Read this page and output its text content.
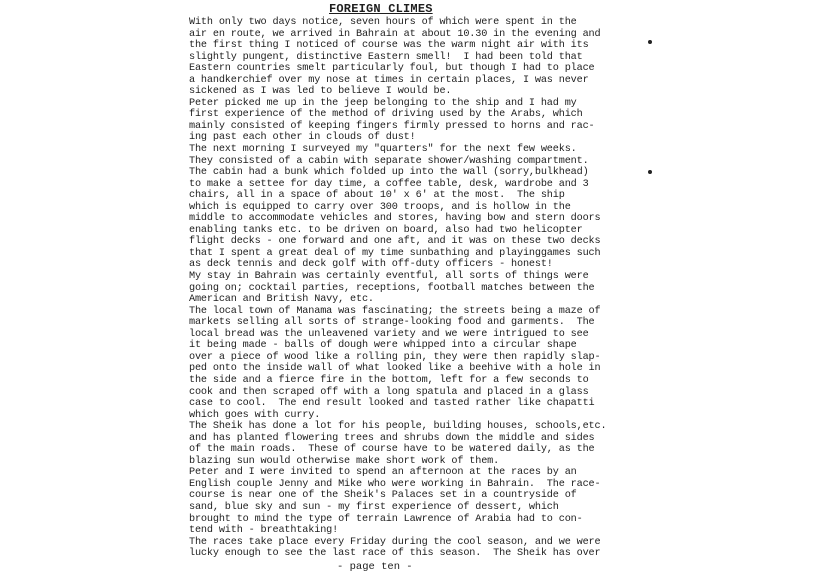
FOREIGN CLIMES
With only two days notice, seven hours of which were spent in the
air en route, we arrived in Bahrain at about 10.30 in the evening and
the first thing I noticed of course was the warm night air with its
slightly pungent, distinctive Eastern smell!  I had been told that
Eastern countries smelt particularly foul, but though I had to place
a handkerchief over my nose at times in certain places, I was never
sickened as I was led to believe I would be.
Peter picked me up in the jeep belonging to the ship and I had my
first experience of the method of driving used by the Arabs, which
mainly consisted of keeping fingers firmly pressed to horns and rac-
ing past each other in clouds of dust!
The next morning I surveyed my "quarters" for the next few weeks.
They consisted of a cabin with separate shower/washing compartment.
The cabin had a bunk which folded up into the wall (sorry,bulkhead)
to make a settee for day time, a coffee table, desk, wardrobe and 3
chairs, all in a space of about 10' x 6' at the most.  The ship
which is equipped to carry over 300 troops, and is hollow in the
middle to accommodate vehicles and stores, having bow and stern doors
enabling tanks etc. to be driven on board, also had two helicopter
flight decks - one forward and one aft, and it was on these two decks
that I spent a great deal of my time sunbathing and playinggames such
as deck tennis and deck golf with off-duty officers - honest!
My stay in Bahrain was certainly eventful, all sorts of things were
going on; cocktail parties, receptions, football matches between the
American and British Navy, etc.
The local town of Manama was fascinating; the streets being a maze of
markets selling all sorts of strange-looking food and garments.  The
local bread was the unleavened variety and we were intrigued to see
it being made - balls of dough were whipped into a circular shape
over a piece of wood like a rolling pin, they were then rapidly slap-
ped onto the inside wall of what looked like a beehive with a hole in
the side and a fierce fire in the bottom, left for a few seconds to
cook and then scraped off with a long spatula and placed in a glass
case to cool.  The end result looked and tasted rather like chapatti
which goes with curry.
The Sheik has done a lot for his people, building houses, schools,etc.
and has planted flowering trees and shrubs down the middle and sides
of the main roads.  These of course have to be watered daily, as the
blazing sun would otherwise make short work of them.
Peter and I were invited to spend an afternoon at the races by an
English couple Jenny and Mike who were working in Bahrain.  The race-
course is near one of the Sheik's Palaces set in a countryside of
sand, blue sky and sun - my first experience of dessert, which
brought to mind the type of terrain Lawrence of Arabia had to con-
tend with - breathtaking!
The races take place every Friday during the cool season, and we were
lucky enough to see the last race of this season.  The Sheik has over
- page ten -
